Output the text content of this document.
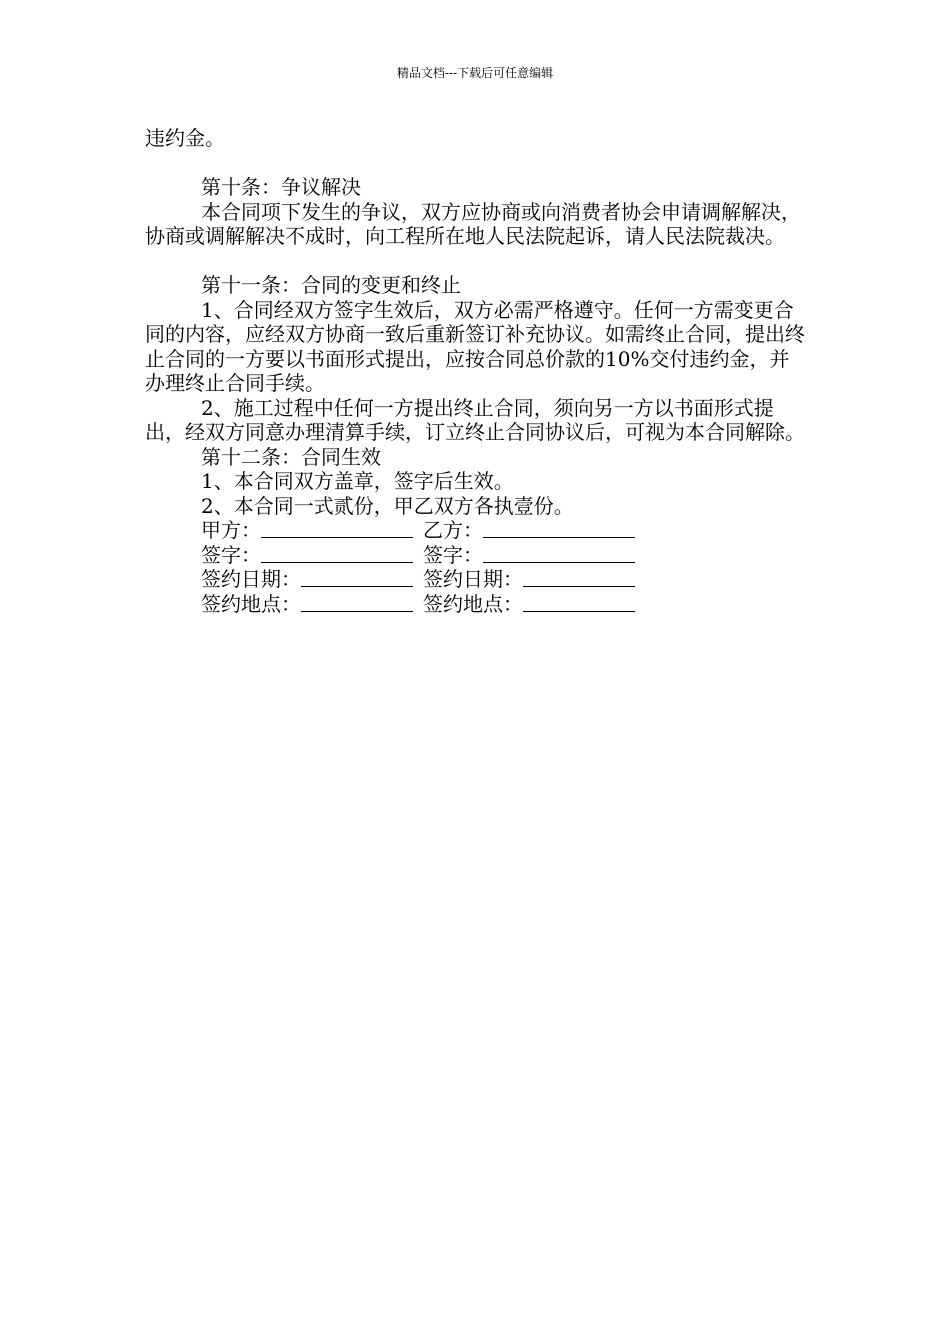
精品文档---下载后可任意编辑

违约金。

第十条：争议解决

本合同项下发生的争议，双方应协商或向消费者协会申请调解解决，协商或调解解决不成时，向工程所在地人民法院起诉，请人民法院裁决。

第十一条：合同的变更和终止

1、合同经双方签字生效后，双方必需严格遵守。任何一方需变更合同的内容，应经双方协商一致后重新签订补充协议。如需终止合同，提出终止合同的一方要以书面形式提出，应按合同总价款的10%交付违约金，并办理终止合同手续。

2、施工过程中任何一方提出终止合同，须向另一方以书面形式提出，经双方同意办理清算手续，订立终止合同协议后，可视为本合同解除。

第十二条：合同生效

1、本合同双方盖章，签字后生效。

2、本合同一式贰份，甲乙双方各执壹份。

甲方：	乙方：
签字：	签字：
签约日期：	签约日期：
签约地点：	签约地点：
